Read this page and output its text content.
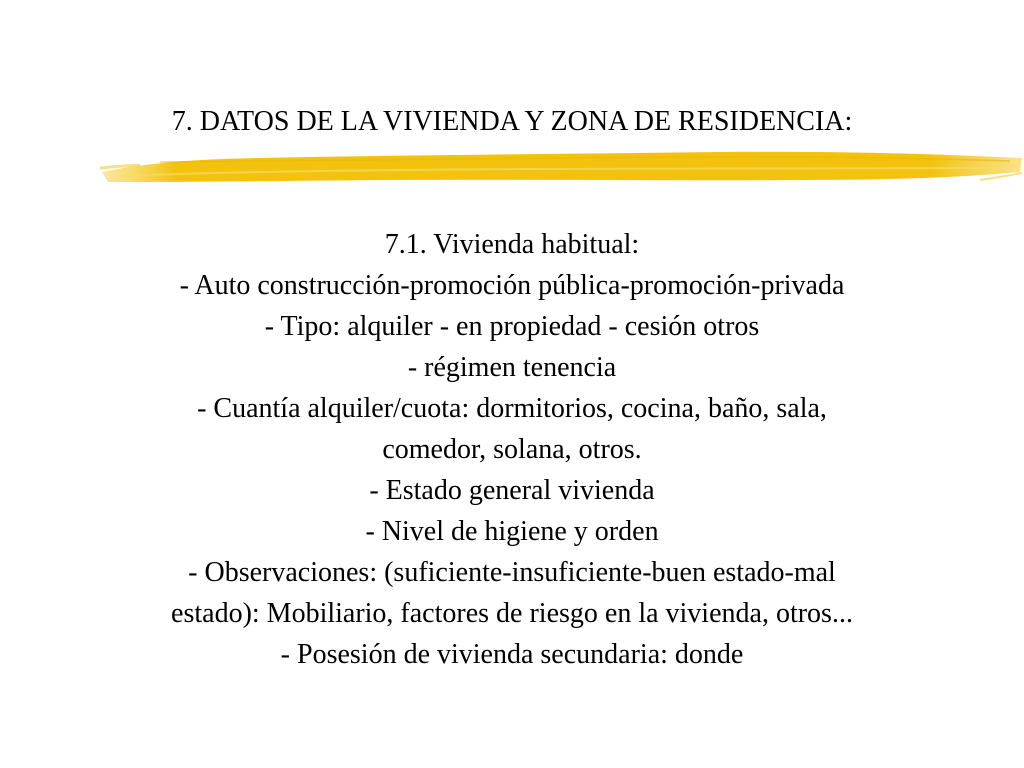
7. DATOS DE LA VIVIENDA Y ZONA DE RESIDENCIA:
7.1. Vivienda habitual:
- Auto construcción-promoción pública-promoción-privada
- Tipo: alquiler - en propiedad - cesión otros
- régimen tenencia
- Cuantía alquiler/cuota: dormitorios, cocina, baño, sala,
comedor, solana, otros.
- Estado general vivienda
- Nivel de higiene y orden
- Observaciones: (suficiente-insuficiente-buen estado-mal
estado): Mobiliario, factores de riesgo en la vivienda, otros...
- Posesión de vivienda secundaria: donde
